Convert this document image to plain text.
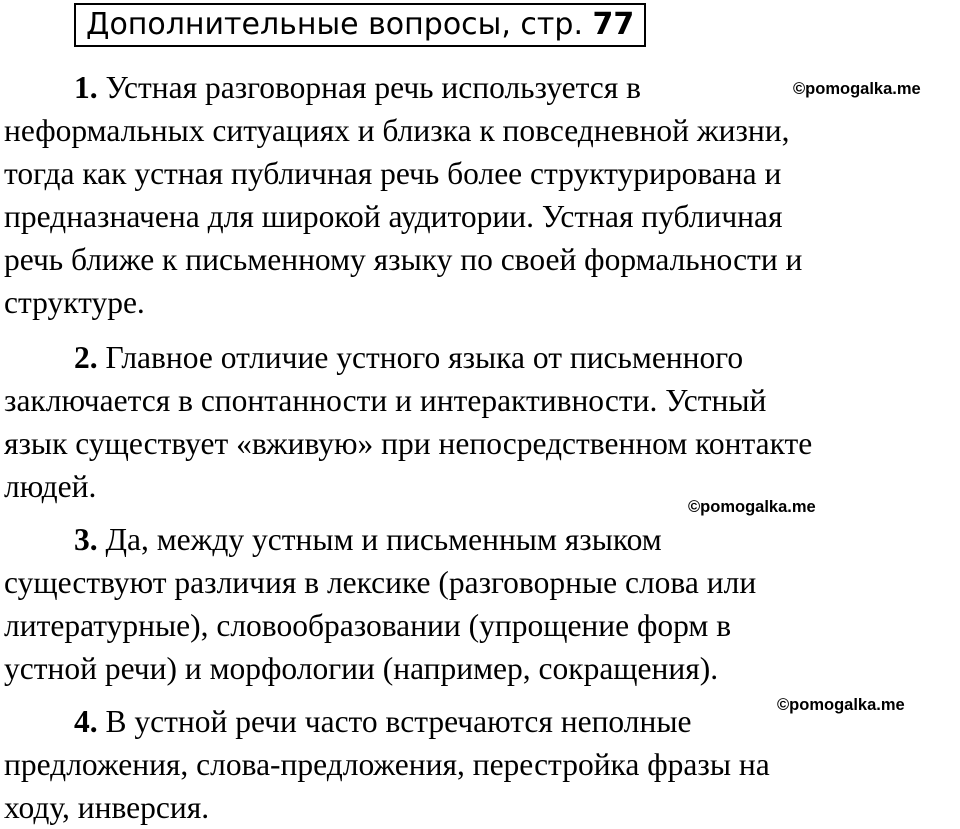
Дополнительные вопросы, стр. 77
1. Устная разговорная речь используется в
неформальных ситуациях и близка к повседневной жизни,
тогда как устная публичная речь более структурирована и
предназначена для широкой аудитории. Устная публичная
речь ближе к письменному языку по своей формальности и
структуре.
2. Главное отличие устного языка от письменного
заключается в спонтанности и интерактивности. Устный
язык существует «вживую» при непосредственном контакте
людей.
3. Да, между устным и письменным языком
существуют различия в лексике (разговорные слова или
литературные), словообразовании (упрощение форм в
устной речи) и морфологии (например, сокращения).
4. В устной речи часто встречаются неполные
предложения, слова-предложения, перестройка фразы на
ходу, инверсия.
©pomogalka.me
©pomogalka.me
©pomogalka.me
